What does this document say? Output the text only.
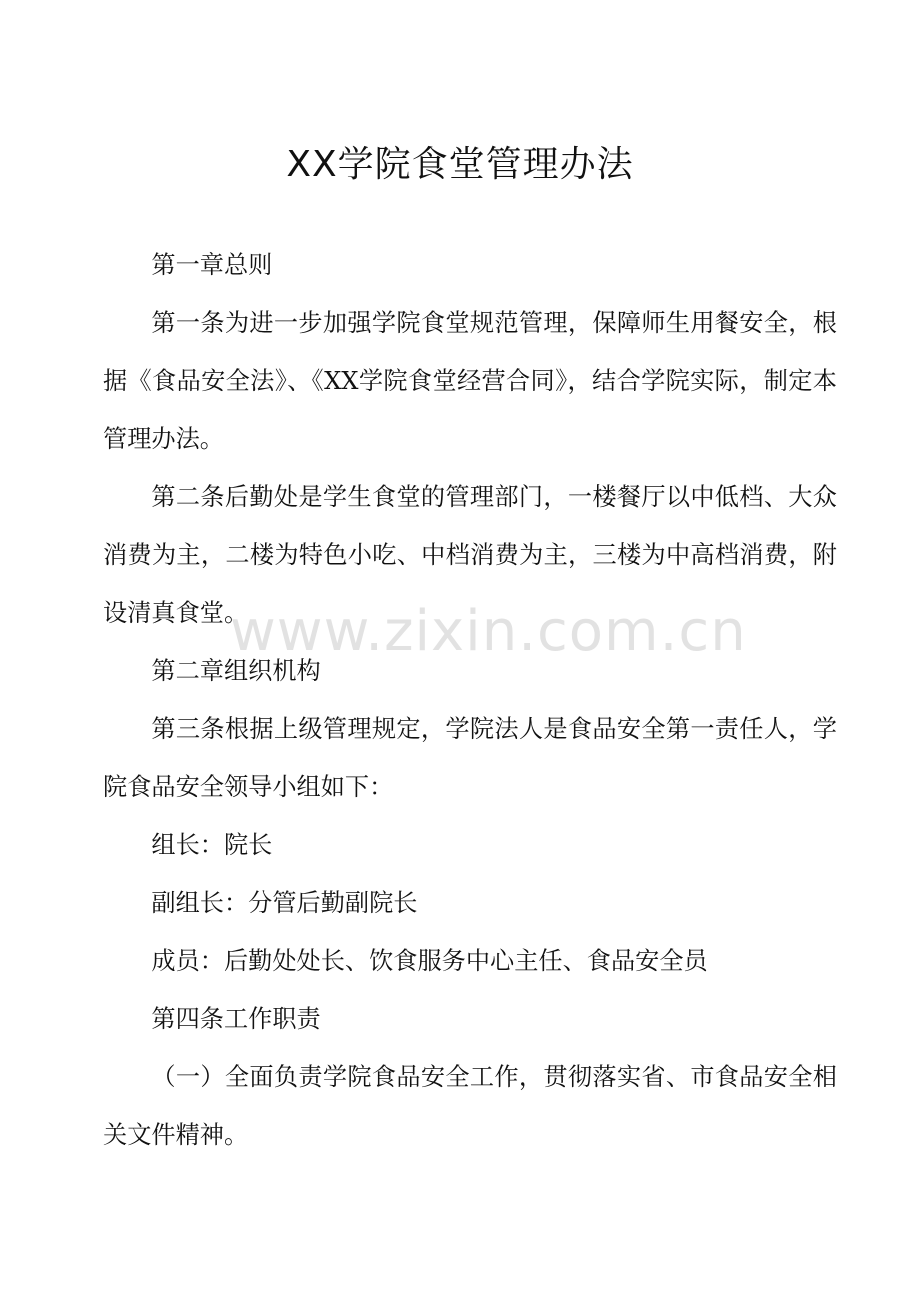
XX学院食堂管理办法

第一章总则

第一条为进一步加强学院食堂规范管理，保障师生用餐安全，根据《食品安全法》、《XX学院食堂经营合同》，结合学院实际，制定本管理办法。

第二条后勤处是学生食堂的管理部门，一楼餐厅以中低档、大众消费为主，二楼为特色小吃、中档消费为主，三楼为中高档消费，附设清真食堂。

第二章组织机构

第三条根据上级管理规定，学院法人是食品安全第一责任人，学院食品安全领导小组如下：

组长：院长

副组长：分管后勤副院长

成员：后勤处处长、饮食服务中心主任、食品安全员

第四条工作职责

（一）全面负责学院食品安全工作，贯彻落实省、市食品安全相关文件精神。

www.zixin.com.cn
